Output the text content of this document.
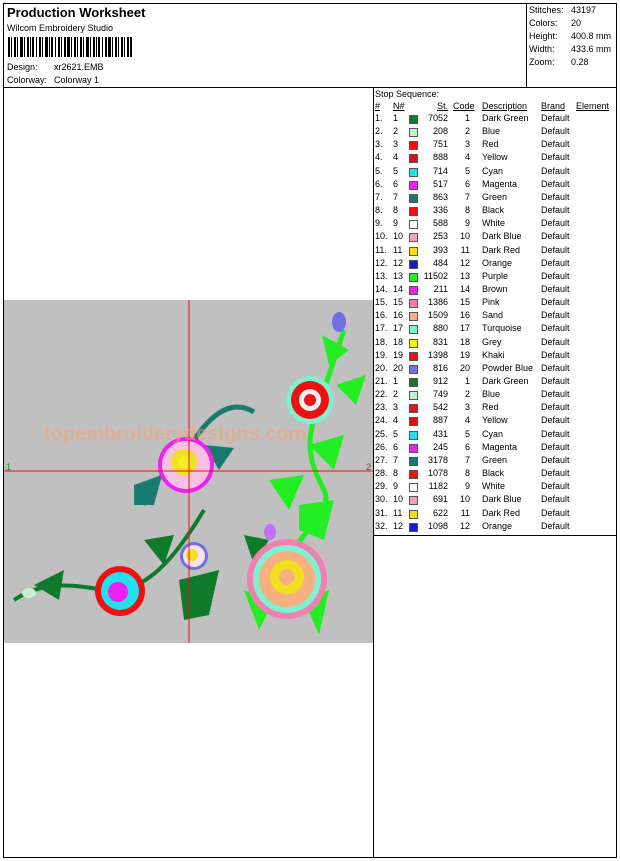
Production Worksheet
Wilcom Embroidery Studio
Design: xr2621.EMB
Colorway: Colorway 1
Stitches: 43197
Colors: 20
Height: 400.8 mm
Width: 433.6 mm
Zoom: 0.28
Stop Sequence:
# N#	St. Code Description Brand Element
1. 1	7052 1 Dark Green Default
2. 2	208 2 Blue	Default
3. 3	751 3 Red	Default
4. 4	888 4 Yellow	Default
5. 5	714 5 Cyan	Default
6. 6	517 6 Magenta	Default
7. 7	863 7 Green	Default
8. 8	336 8 Black	Default
9. 9	588 9 White	Default
10. 10	253 10 Dark Blue Default
11. 11	393 11 Dark Red Default
12. 12	484 12 Orange	Default
13. 13 11502 13 Purple	Default
14. 14	211 14 Brown	Default
15. 15	1386 15 Pink	Default
16. 16	1509 16 Sand	Default
17. 17	880 17 Turquoise Default
18. 18	831 18 Grey	Default
19. 19	1398 19 Khaki	Default
20. 20	816 20 Powder Blue Default
21. 1	912 1 Dark Green Default
22. 2	749 2 Blue	Default
23. 3	542 3 Red	Default
24. 4	887 4 Yellow	Default
25. 5	431 5 Cyan	Default
26. 6	245 6 Magenta	Default
27. 7	3178 7 Green	Default
28. 8	1078 8 Black	Default
29. 9	1182 9 White	Default
30. 10	691 10 Dark Blue Default
31. 11	622 11 Dark Red Default
32. 12	1098 12 Orange	Default
1	2
topembroiderydesigns.com
